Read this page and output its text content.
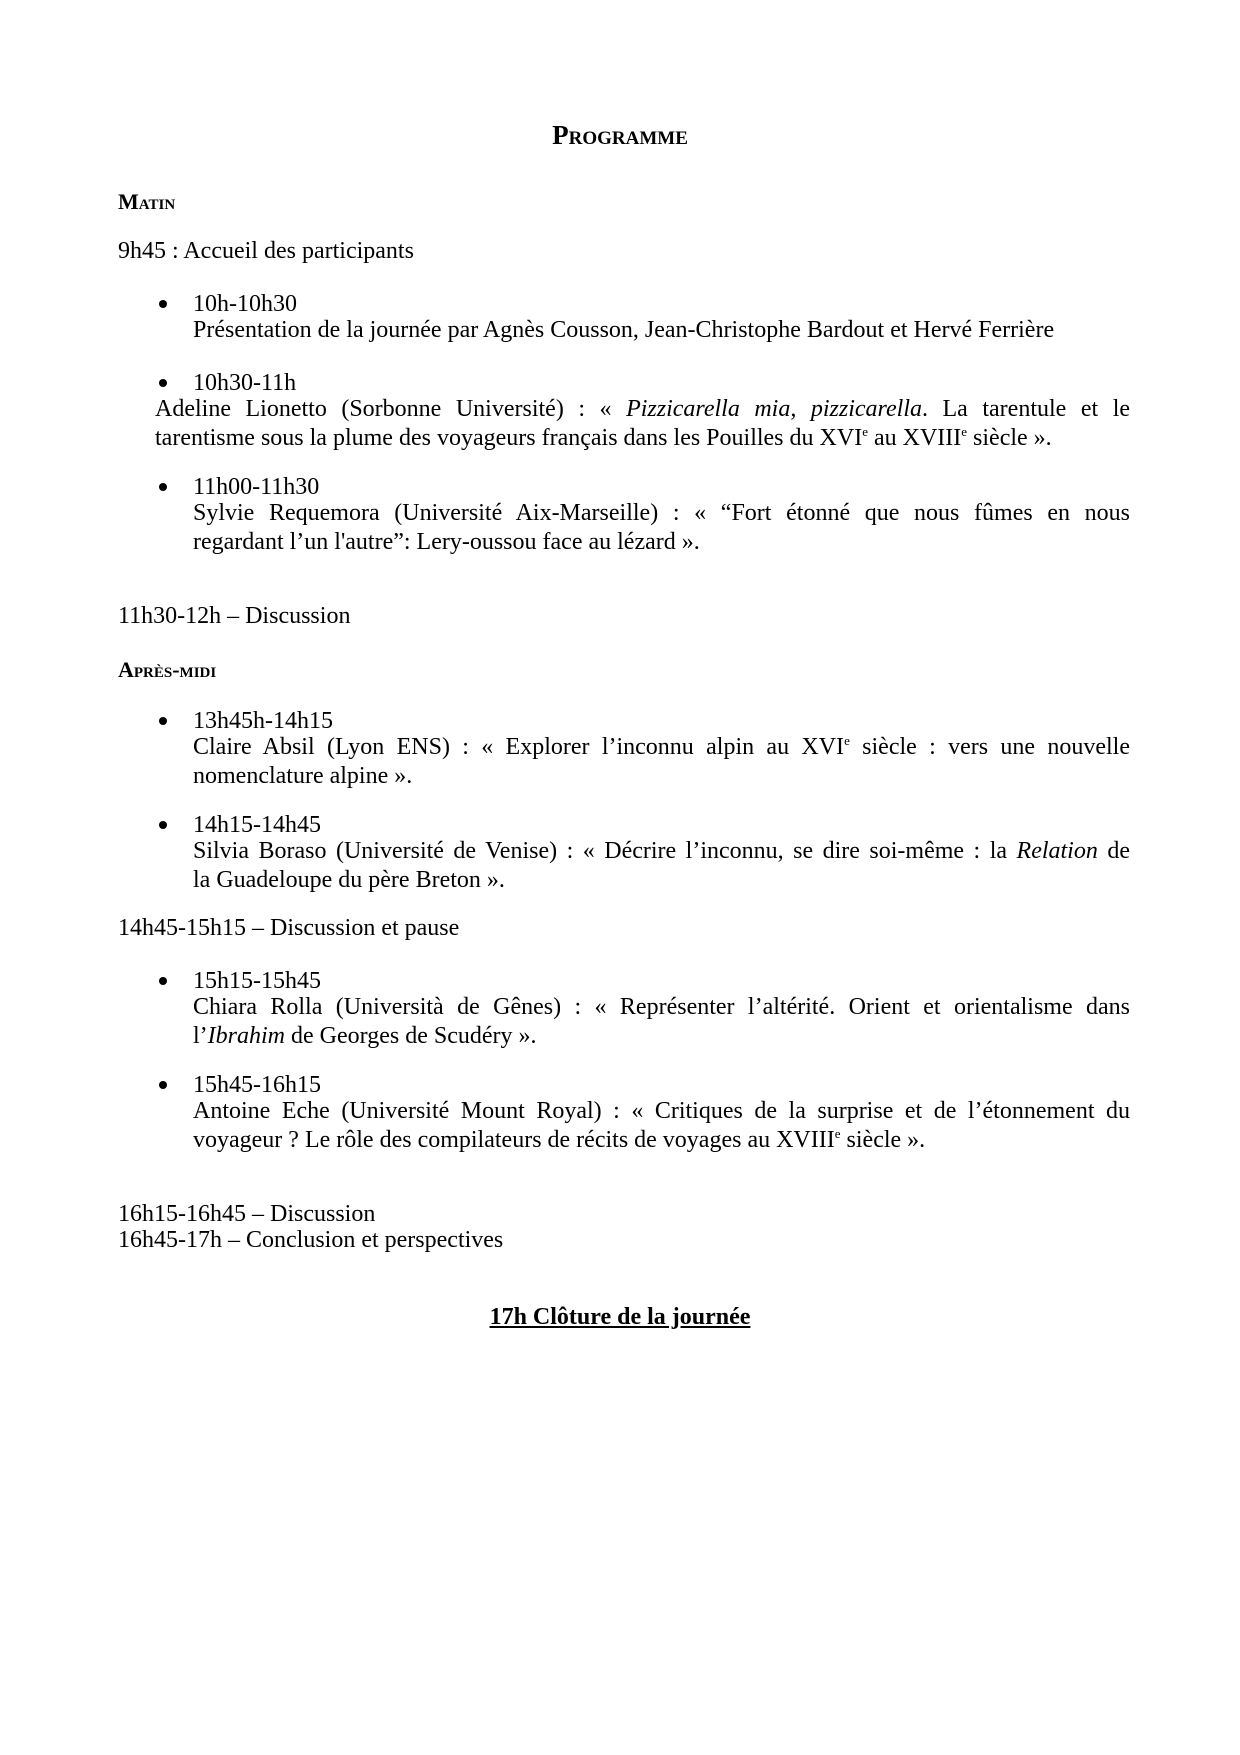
Programme
Matin
9h45 : Accueil des participants
10h-10h30
Présentation de la journée par Agnès Cousson, Jean-Christophe Bardout et Hervé Ferrière
10h30-11h
Adeline Lionetto (Sorbonne Université) : « Pizzicarella mia, pizzicarella. La tarentule et le
tarentisme sous la plume des voyageurs français dans les Pouilles du XVIe au XVIIIe siècle ».
11h00-11h30
Sylvie Requemora (Université Aix-Marseille) : « “Fort étonné que nous fûmes en nous
regardant l’un l'autre”: Lery-oussou face au lézard ».
11h30-12h – Discussion
Après-midi
13h45h-14h15
Claire Absil (Lyon ENS) : « Explorer l’inconnu alpin au XVIe siècle : vers une nouvelle
nomenclature alpine ».
14h15-14h45
Silvia Boraso (Université de Venise) : « Décrire l’inconnu, se dire soi-même : la Relation de
la Guadeloupe du père Breton ».
14h45-15h15 – Discussion et pause
15h15-15h45
Chiara Rolla (Università de Gênes) : « Représenter l’altérité. Orient et orientalisme dans
l’Ibrahim de Georges de Scudéry ».
15h45-16h15
Antoine Eche (Université Mount Royal) : « Critiques de la surprise et de l’étonnement du
voyageur ? Le rôle des compilateurs de récits de voyages au XVIIIe siècle ».
16h15-16h45 – Discussion
16h45-17h – Conclusion et perspectives
17h Clôture de la journée
